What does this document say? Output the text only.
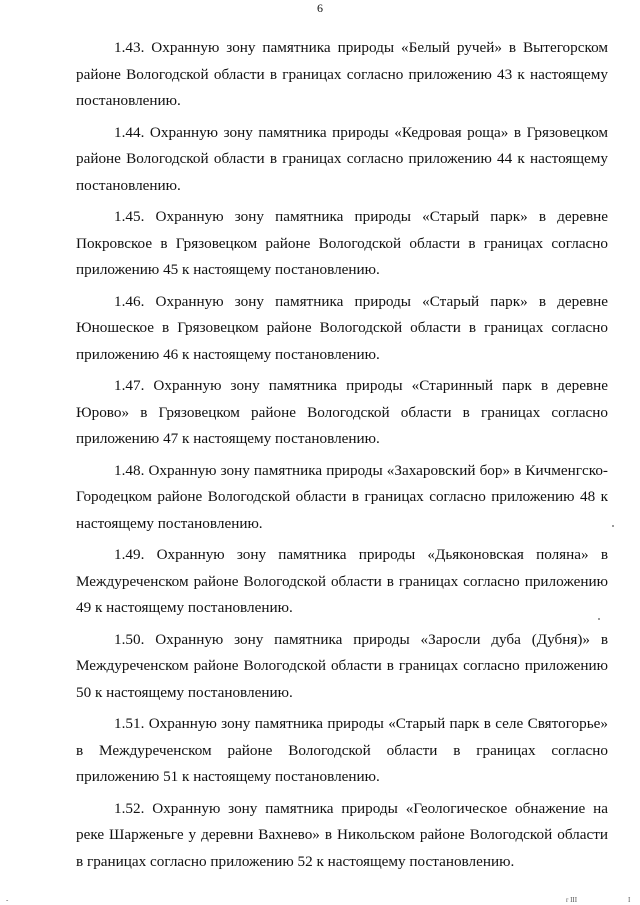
6

1.43. Охранную зону памятника природы «Белый ручей» в Вытегорском районе Вологодской области в границах согласно приложению 43 к настоящему постановлению.

1.44. Охранную зону памятника природы «Кедровая роща» в Грязовецком районе Вологодской области в границах согласно приложению 44 к настоящему постановлению.

1.45. Охранную зону памятника природы «Старый парк» в деревне Покровское в Грязовецком районе Вологодской области в границах согласно приложению 45 к настоящему постановлению.

1.46. Охранную зону памятника природы «Старый парк» в деревне Юношеское в Грязовецком районе Вологодской области в границах согласно приложению 46 к настоящему постановлению.

1.47. Охранную зону памятника природы «Старинный парк в деревне Юрово» в Грязовецком районе Вологодской области в границах согласно приложению 47 к настоящему постановлению.

1.48. Охранную зону памятника природы «Захаровский бор» в Кичменгско-Городецком районе Вологодской области в границах согласно приложению 48 к настоящему постановлению.

1.49. Охранную зону памятника природы «Дьяконовская поляна» в Междуреченском районе Вологодской области в границах согласно приложению 49 к настоящему постановлению.

1.50. Охранную зону памятника природы «Заросли дуба (Дубня)» в Междуреченском районе Вологодской области в границах согласно приложению 50 к настоящему постановлению.

1.51. Охранную зону памятника природы «Старый парк в селе Святогорье» в Междуреченском районе Вологодской области в границах согласно приложению 51 к настоящему постановлению.

1.52. Охранную зону памятника природы «Геологическое обнажение на реке Шарженьге у деревни Вахнево» в Никольском районе Вологодской области в границах согласно приложению 52 к настоящему постановлению.

-	r III	I
